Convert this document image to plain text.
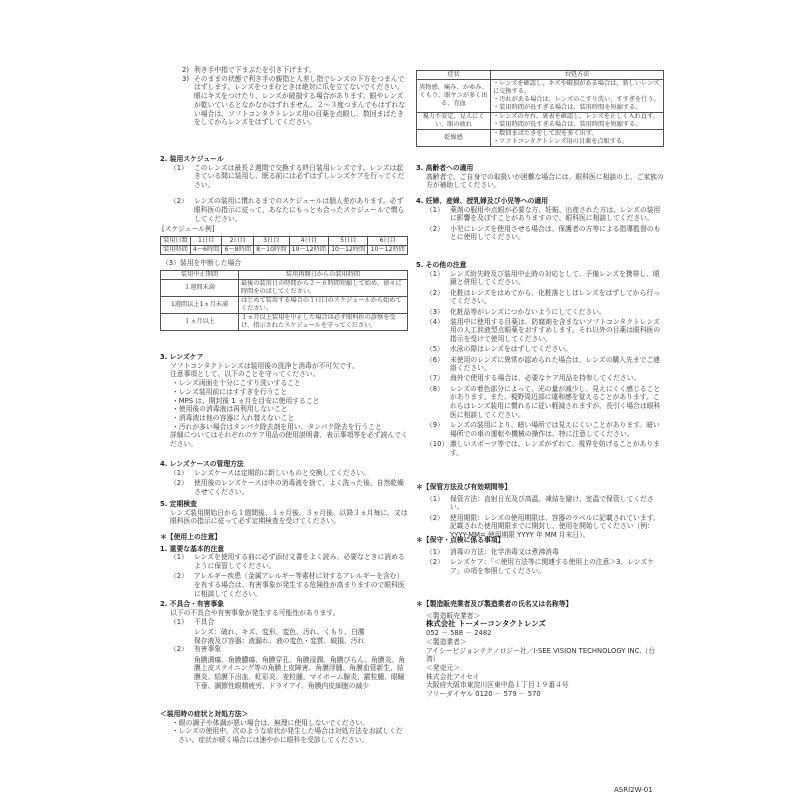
2) 利き手中指で下まぶたを引き下げます。
3) そのままの状態で利き手の親指と人差し指でレンズの下方をつまんではずします。レンズをつまむときは絶対に爪を立てないでください。眼にキズをつけたり、レンズが破損する場合があります。眼やレンズが乾いているとなかなかはずれません。２～３度つまんでもはずれない場合は、ソフトコンタクトレンズ用の目薬を点眼し、数回まばたきをしてからレンズをはずしてください。
2. 装用スケジュール
（1） このレンズは最長２週間で交換する終日装用レンズです。レンズは起きている間に装用し、眠る前には必ずはずしレンズケアを行ってください。
（2） レンズの装用に慣れるまでのスケジュールは個人差があります。必ず眼科医の指示に従って、あなたにもっとも合ったスケジュールで慣らしてください。
[スケジュール例]
装用日数	1日目	2日目	3日目	4日目	5日目	6日目
装用時間	4～6時間	6～8時間	8～10時間	10～12時間	10～12時間	10～12時間
（3）装用を中断した場合
装用中止期間	装用再開日からの装用時間
１週間未満	最後の装用日の時間から２～６時間短縮して始め、徐々に時間をのばしてください。
1週間以上1ヵ月未満	はじめて装用する場合の１日目のスケジュールから始めてください。
１ヵ月以上	１ヵ月以上装用を中止した場合は必ず眼科医の診察を受け、指示されたスケジュールを守ってください。
3. レンズケア
ソフトコンタクトレンズは装用後の洗浄と消毒が不可欠です。
注意事項として、以下のことを守ってください。
・レンズ両面を十分にこすり洗いすること
・レンズ装用前にはすすぎを行うこと
・MPS は、開封後 1 ヵ月を目安に使用すること
・使用後の消毒液は再利用しないこと
・消毒液は他の容器に入れ替えないこと
・汚れが多い場合はタンパク除去剤を用い、タンパク除去を行うこと
詳細についてはそれぞれのケア用品の使用説明書、表示事項等を必ず読んでください。
4. レンズケースの管理方法
（1） レンズケースは定期的に新しいものと交換してください。
（2） 使用後のレンズケースは中の消毒液を捨て、よく洗った後、自然乾燥させてください。
5. 定期検査
レンズ装用開始日から１週間後、１ヵ月後、３ヵ月後、以降３ヵ月毎に、又は眼科医の指示に従って必ず定期検査を受けてください。
＊【使用上の注意】
1. 重要な基本的注意
（1） レンズを使用する前に必ず添付文書をよく読み、必要なときに読めるように保管してください。
（2） アレルギー疾患（金属アレルギー等素材に対するアレルギーを含む）を有する場合は、有害事象が発生する危険性が高まりますので眼科医に相談してください。
2. 不具合・有害事象
以下の不具合や有害事象が発生する可能性があります。
（1） 不具合
レンズ：破れ、キズ、変形、変色、汚れ、くもり、白濁
保存液及び容器：液漏れ、液の変色・変質、破損、汚れ
（2） 有害事象
角膜潰瘍、角膜膿瘍、角膜穿孔、角膜浸潤、角膜びらん、角膜炎、角膜上皮ステイニング等の角膜上皮障害、角膜浮腫、角膜血管新生、結膜炎、結膜下出血、虹彩炎、麦粒腫、マイボーム腺炎、霰粒腫、眼瞼下垂、調節性眼精疲労、ドライアイ、角膜内皮細胞の減少
＜装用時の症状と対処方法＞
・眼の調子や体調が悪い場合は、無理に使用しないでください。
・レンズの使用中、次のような症状が発生した場合は対処方法をお試しください。症状が続く場合には速やかに眼科を受診してください。
症状	対処方法
異物感、痛み、かゆみ、くもり、眼ヤニが多く出る、充血	・レンズを確認し、キズや破損がある場合は、新しいレンズに交換する。
・汚れがある場合は、レンズのこすり洗い、すすぎを行う。
・装用時間が長すぎる場合は、装用時間を短縮する。
視力不安定、見えにくい、眼の疲れ	・レンズの左右、裏表を確認し、レンズを正しく入れ直す。
・装用時間が長すぎる場合は、装用時間を短縮する。
乾燥感	・数回まばたきをして涙を多く出す。
・ソフトコンタクトレンズ用の目薬を点眼する。
3. 高齢者への適用
高齢者で、ご自身での取扱いが困難な場合には、眼科医に相談の上、ご家族の方が補助してください。
4. 妊婦、産婦、授乳婦及び小児等への適用
（1） 薬剤の服用や点眼が必要な方、妊娠、出産された方は、レンズの装用に影響を及ぼすことがありますので、眼科医に相談してください。
（2） 小児にレンズを使用させる場合は、保護者の方等による指導監督のもとに使用してください。
5. その他の注意
（1） レンズ紛失時及び装用中止時の対応として、予備レンズを携帯し、眼鏡と併用してください。
（2） 化粧はレンズをはめてから、化粧落としはレンズをはずしてから行ってください。
（3） 化粧品等がレンズにつかないようにしてください。
（4） 装用中に使用する目薬は、防腐剤を含まないソフトコンタクトレンズ用の人工涙液型点眼薬をおすすめします。それ以外の目薬は眼科医の指示を受けて使用してください。
（5） 水泳の際はレンズをはずしてください。
（6） 未使用のレンズに異常が認められた場合は、レンズの購入先までご連絡ください。
（7） 海外で使用する場合は、必要なケア用品を持参してください。
（8） レンズの着色部分によって、光の量が減少し、見えにくく感じることがあります。また、視野周辺部に違和感を覚えることがあります。これらはレンズ装用に慣れるに従い軽減されますが、長引く場合は眼科医に相談してください。
（9） レンズの装用により、暗い場所では見えにくいことがあります。暗い場所での車の運転や機械の操作は、特に注意してください。
（10） 激しいスポーツ等では、レンズがずれて、視界を妨げることがあります。
＊【保管方法及び有効期間等】
（1） 保管方法：直射日光及び高温、凍結を避け、室温で保管してください。
（2） 使用期限：レンズの使用期限は、容器のラベルに記載されています。記載された使用期限までに開封し、使用を開始してください（例：YYYY-MM= 使用期限 YYYY 年 MM 月末日）。
＊【保守・点検に係る事項】
（1） 消毒の方法：化学消毒又は煮沸消毒
（2） レンズケア：「＜使用方法等に関連する使用上の注意＞3．レンズケア」の項を参照してください。
＊【製造販売業者及び製造業者の氏名又は名称等】
＜製造販売業者＞
株式会社 トーメーコンタクトレンズ
052 － 588 － 2482
＜製造業者＞
アイシービジョンテクノロジー社／I-SEE VISION TECHNOLOGY INC.（台湾）
＜発売元＞
株式会社アイセイ
大阪府大阪市東淀川区東中島１丁目１９番４号
フリーダイヤル 0120 － 579 － 570
ASRI2W-01
